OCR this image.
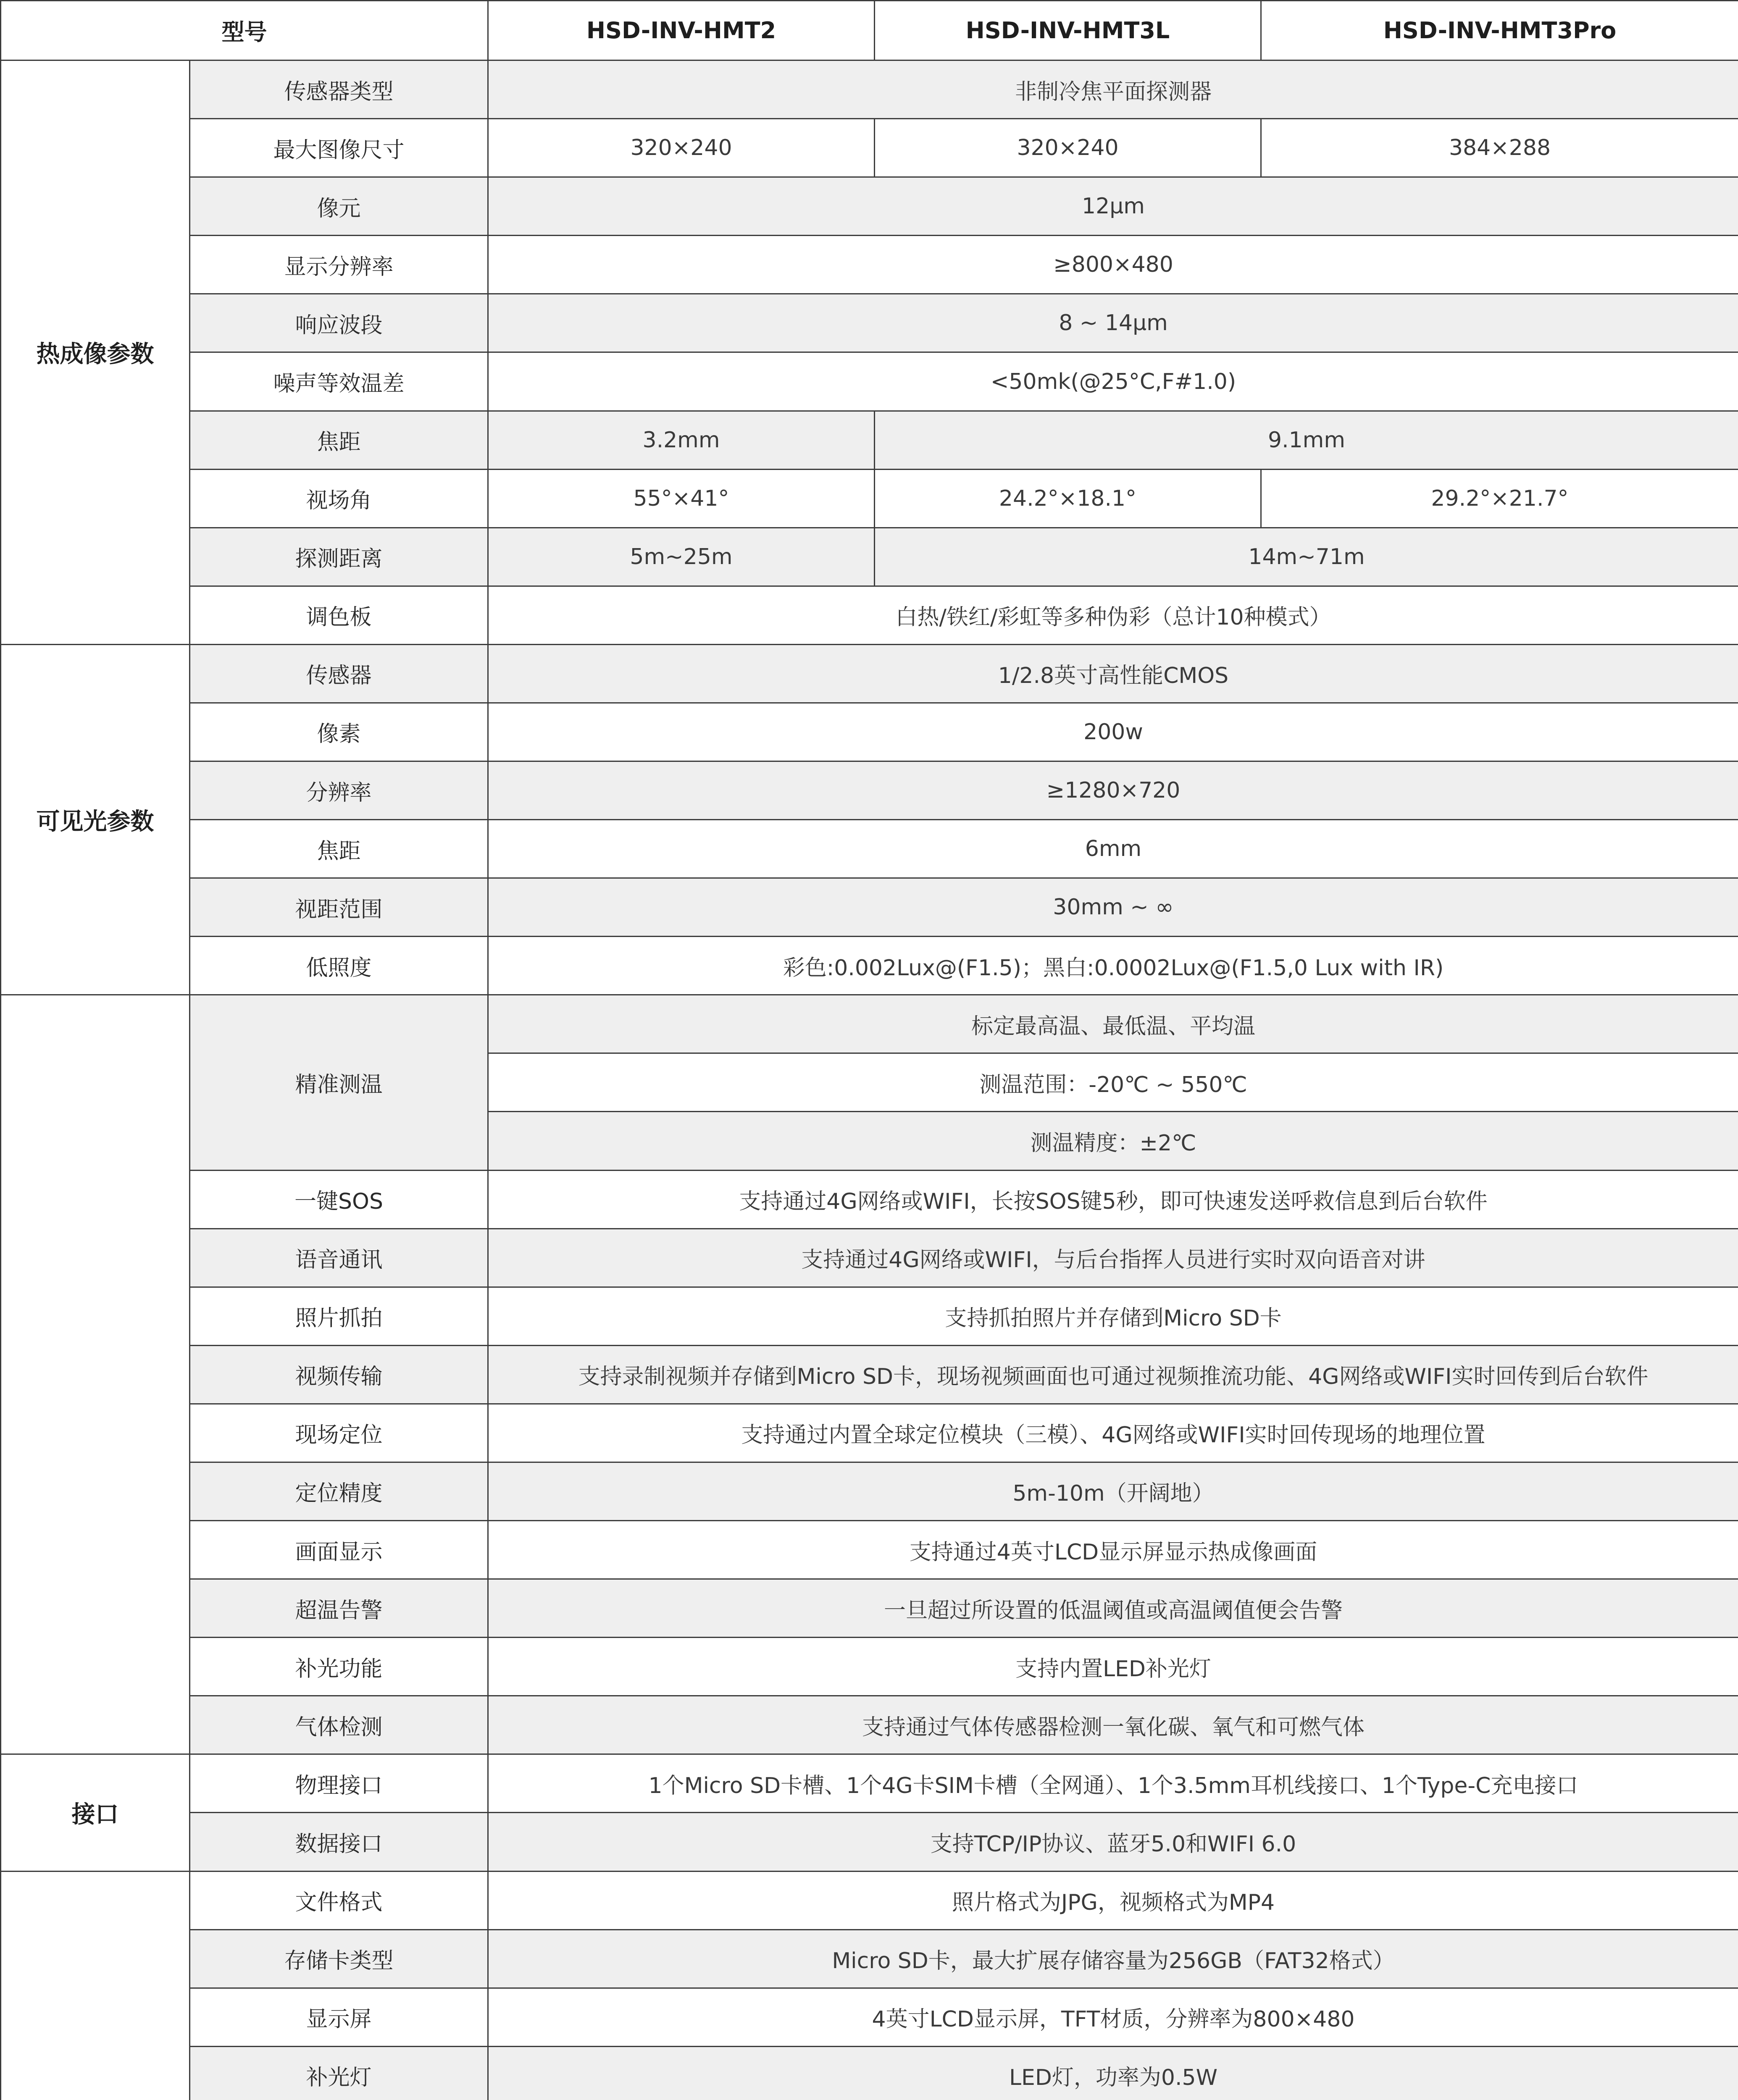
型号		HSD-INV-HMT2	HSD-INV-HMT3L	HSD-INV-HMT3Pro
热成像参数	传感器类型	非制冷焦平面探测器		
	最大图像尺寸	320×240	320×240	384×288
	像元	12μm		
	显示分辨率	≥800×480		
	响应波段	8 ~ 14μm		
	噪声等效温差	<50mk(@25°C,F#1.0)		
	焦距	3.2mm	9.1mm	
	视场角	55°×41°	24.2°×18.1°	29.2°×21.7°
	探测距离	5m~25m	14m~71m	
	调色板	白热/铁红/彩虹等多种伪彩（总计10种模式）		
可见光参数	传感器	1/2.8英寸高性能CMOS		
	像素	200w		
	分辨率	≥1280×720		
	焦距	6mm		
	视距范围	30mm ~ ∞		
	低照度	彩色:0.002Lux@(F1.5)；黑白:0.0002Lux@(F1.5,0 Lux with IR)		
	精准测温	标定最高温、最低温、平均温		
		测温范围：-20℃ ~ 550℃		
		测温精度：±2℃		
	一键SOS	支持通过4G网络或WIFI，长按SOS键5秒，即可快速发送呼救信息到后台软件		
	语音通讯	支持通过4G网络或WIFI，与后台指挥人员进行实时双向语音对讲		
	照片抓拍	支持抓拍照片并存储到Micro SD卡		
	视频传输	支持录制视频并存储到Micro SD卡，现场视频画面也可通过视频推流功能、4G网络或WIFI实时回传到后台软件		
	现场定位	支持通过内置全球定位模块（三模）、4G网络或WIFI实时回传现场的地理位置		
	定位精度	5m-10m（开阔地）		
	画面显示	支持通过4英寸LCD显示屏显示热成像画面		
	超温告警	一旦超过所设置的低温阈值或高温阈值便会告警		
	补光功能	支持内置LED补光灯		
	气体检测	支持通过气体传感器检测一氧化碳、氧气和可燃气体		
接口	物理接口	1个Micro SD卡槽、1个4G卡SIM卡槽（全网通）、1个3.5mm耳机线接口、1个Type-C充电接口		
	数据接口	支持TCP/IP协议、蓝牙5.0和WIFI 6.0		
	文件格式	照片格式为JPG，视频格式为MP4		
	存储卡类型	Micro SD卡，最大扩展存储容量为256GB（FAT32格式）		
	显示屏	4英寸LCD显示屏，TFT材质，分辨率为800×480		
	补光灯	LED灯，功率为0.5W		
